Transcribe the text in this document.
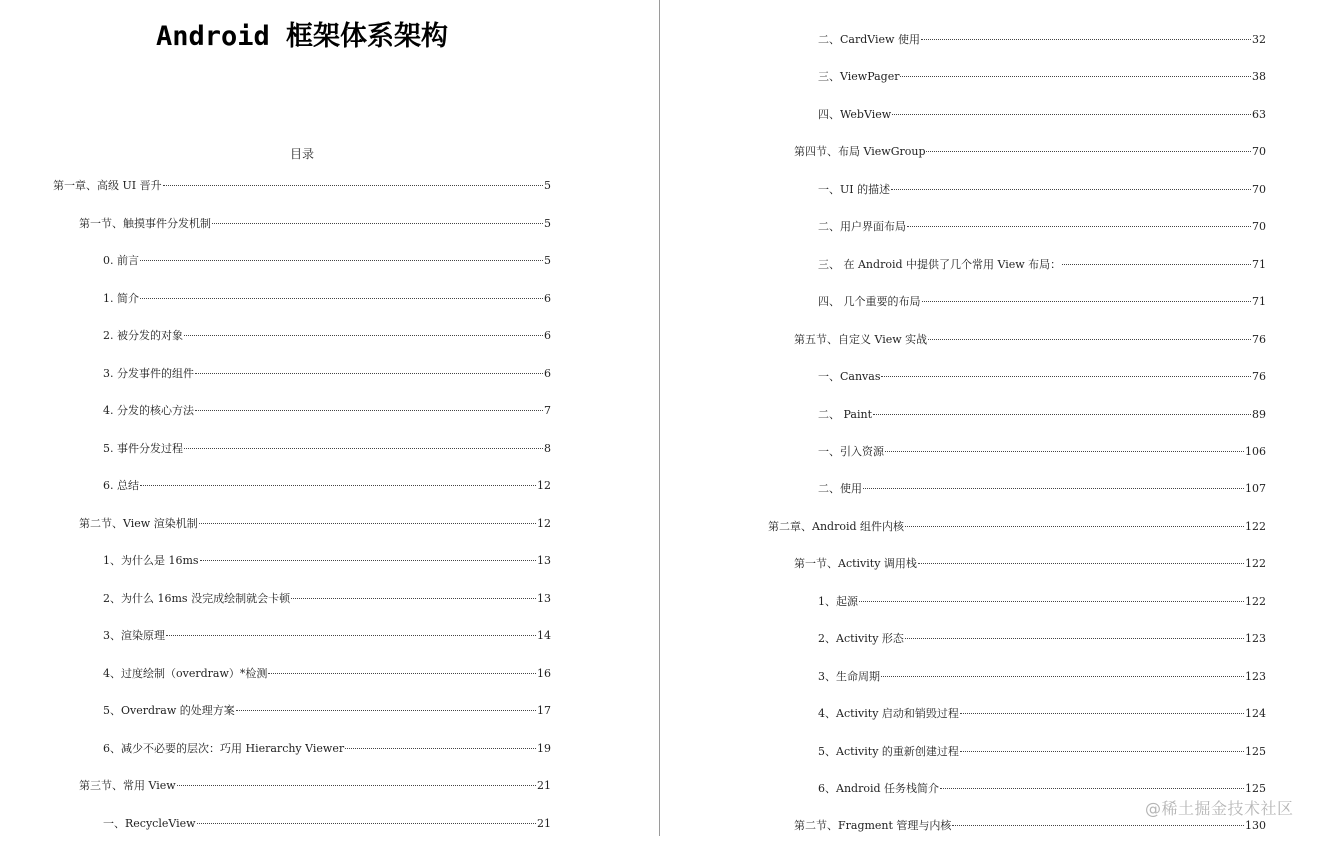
Android 框架体系架构
目录
第一章、高级 UI 晋升	5
第一节、触摸事件分发机制	5
0. 前言	5
1. 简介	6
2. 被分发的对象	6
3. 分发事件的组件	6
4. 分发的核心方法	7
5. 事件分发过程	8
6. 总结	12
第二节、View 渲染机制	12
1、为什么是 16ms	13
2、为什么 16ms 没完成绘制就会卡顿	13
3、渲染原理	14
4、过度绘制（overdraw）*检测	16
5、Overdraw 的处理方案	17
6、减少不必要的层次：巧用 Hierarchy Viewer	19
第三节、常用 View	21
一、RecycleView	21
二、CardView 使用	32
三、ViewPager	38
四、WebView	63
第四节、布局 ViewGroup	70
一、UI 的描述	70
二、用户界面布局	70
三、 在 Android 中提供了几个常用 View 布局：	71
四、 几个重要的布局	71
第五节、自定义 View 实战	76
一、Canvas	76
二、 Paint	89
一、引入资源	106
二、使用	107
第二章、Android 组件内核	122
第一节、Activity 调用栈	122
1、起源	122
2、Activity 形态	123
3、生命周期	123
4、Activity 启动和销毁过程	124
5、Activity 的重新创建过程	125
6、Android 任务栈简介	125
第二节、Fragment 管理与内核	130
@稀土掘金技术社区
